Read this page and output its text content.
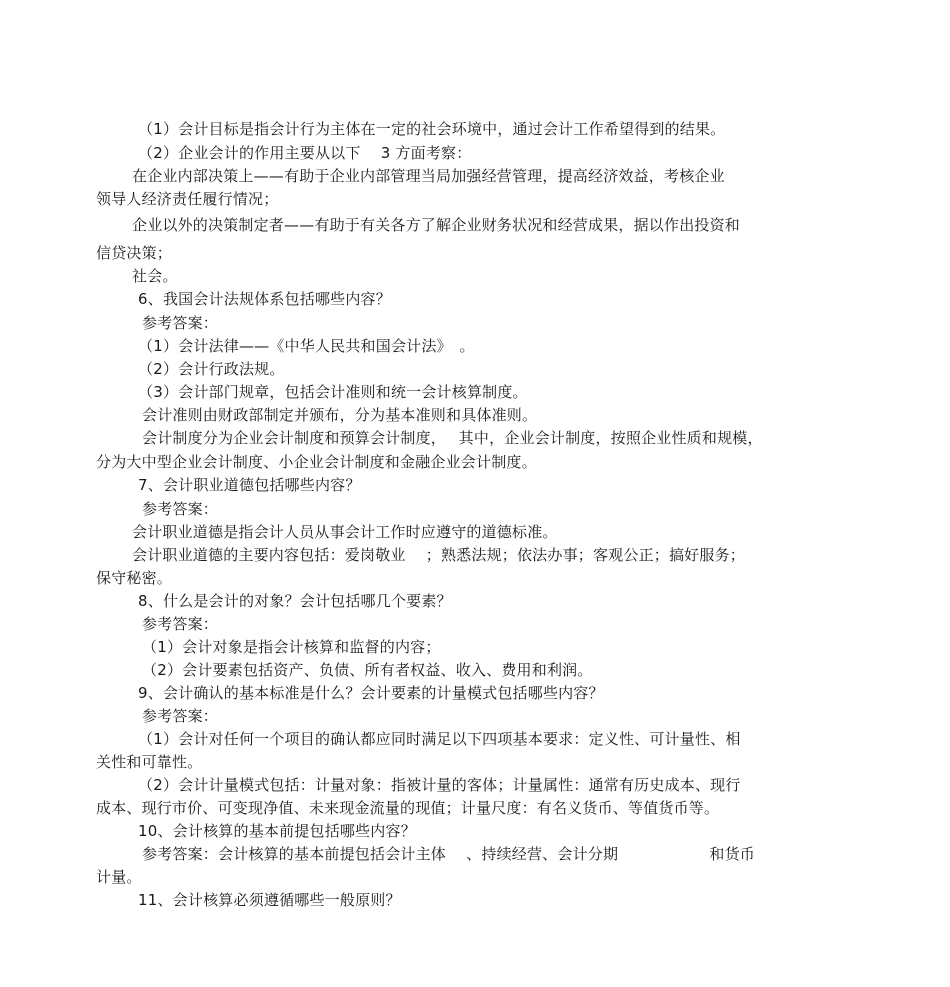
（1）会计目标是指会计行为主体在一定的社会环境中，通过会计工作希望得到的结果。
（2）企业会计的作用主要从以下　 3 方面考察：
在企业内部决策上——有助于企业内部管理当局加强经营管理，提高经济效益，考核企业
领导人经济责任履行情况；
企业以外的决策制定者——有助于有关各方了解企业财务状况和经营成果，据以作出投资和
信贷决策；
社会。
6、我国会计法规体系包括哪些内容？
参考答案：
（1）会计法律——《中华人民共和国会计法》　。
（2）会计行政法规。
（3）会计部门规章，包括会计准则和统一会计核算制度。
会计准则由财政部制定并颁布，分为基本准则和具体准则。
会计制度分为企业会计制度和预算会计制度，　 其中，企业会计制度，按照企业性质和规模，
分为大中型企业会计制度、小企业会计制度和金融企业会计制度。
7、会计职业道德包括哪些内容？
参考答案：
会计职业道德是指会计人员从事会计工作时应遵守的道德标准。
会计职业道德的主要内容包括：爱岗敬业　 ；熟悉法规；依法办事；客观公正；搞好服务；
保守秘密。
8、什么是会计的对象？会计包括哪几个要素？
参考答案：
（1）会计对象是指会计核算和监督的内容；
（2）会计要素包括资产、负债、所有者权益、收入、费用和利润。
9、会计确认的基本标准是什么？会计要素的计量模式包括哪些内容？
参考答案：
（1）会计对任何一个项目的确认都应同时满足以下四项基本要求：定义性、可计量性、相
关性和可靠性。
（2）会计计量模式包括：计量对象：指被计量的客体；计量属性：通常有历史成本、现行
成本、现行市价、可变现净值、未来现金流量的现值；计量尺度：有名义货币、等值货币等。
10、会计核算的基本前提包括哪些内容？
参考答案：会计核算的基本前提包括会计主体　 、持续经营、会计分期　　　　　　和货币
计量。
11、会计核算必须遵循哪些一般原则？
